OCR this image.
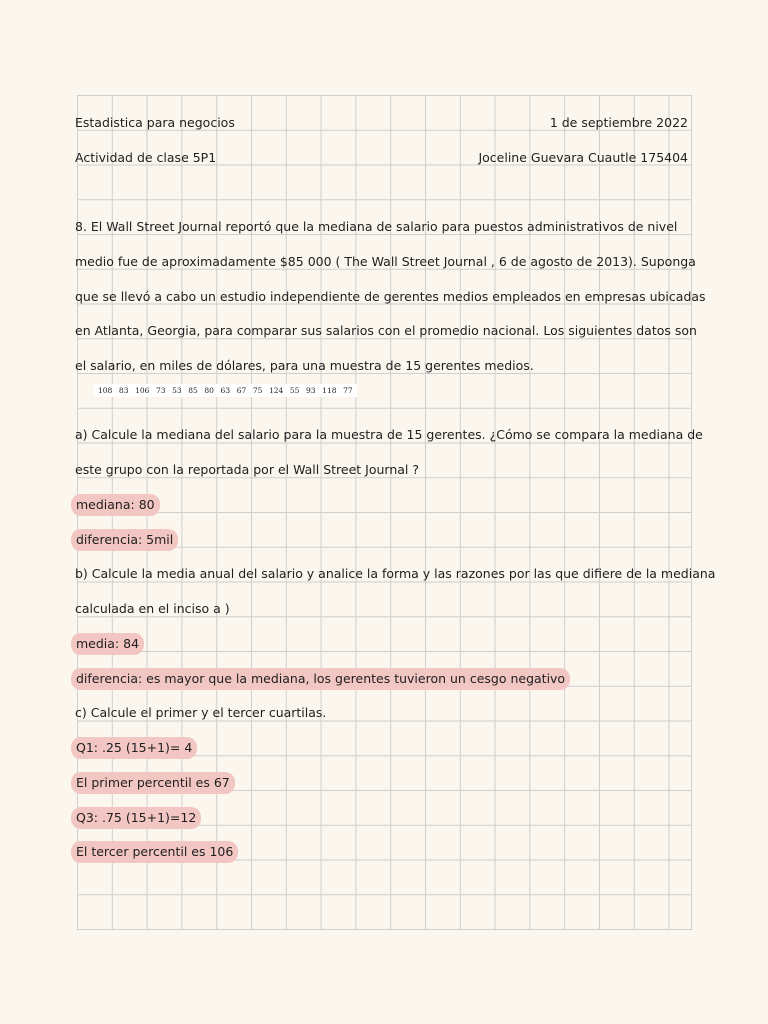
Estadistica para negocios	1 de septiembre 2022
Actividad de clase 5P1	Joceline Guevara Cuautle 175404
8. El Wall Street Journal reportó que la mediana de salario para puestos administrativos de nivel
medio fue de aproximadamente $85 000 ( The Wall Street Journal , 6 de agosto de 2013). Suponga
que se llevó a cabo un estudio independiente de gerentes medios empleados en empresas ubicadas
en Atlanta, Georgia, para comparar sus salarios con el promedio nacional. Los siguientes datos son
el salario, en miles de dólares, para una muestra de 15 gerentes medios.
108 83 106 73 53 85 80 63 67 75 124 55 93 118 77
a) Calcule la mediana del salario para la muestra de 15 gerentes. ¿Cómo se compara la mediana de
este grupo con la reportada por el Wall Street Journal ?
mediana: 80
diferencia: 5mil
b) Calcule la media anual del salario y analice la forma y las razones por las que difiere de la mediana
calculada en el inciso a )
media: 84
diferencia: es mayor que la mediana, los gerentes tuvieron un cesgo negativo
c) Calcule el primer y el tercer cuartilas.
Q1: .25 (15+1)= 4
El primer percentil es 67
Q3: .75 (15+1)=12
El tercer percentil es 106
